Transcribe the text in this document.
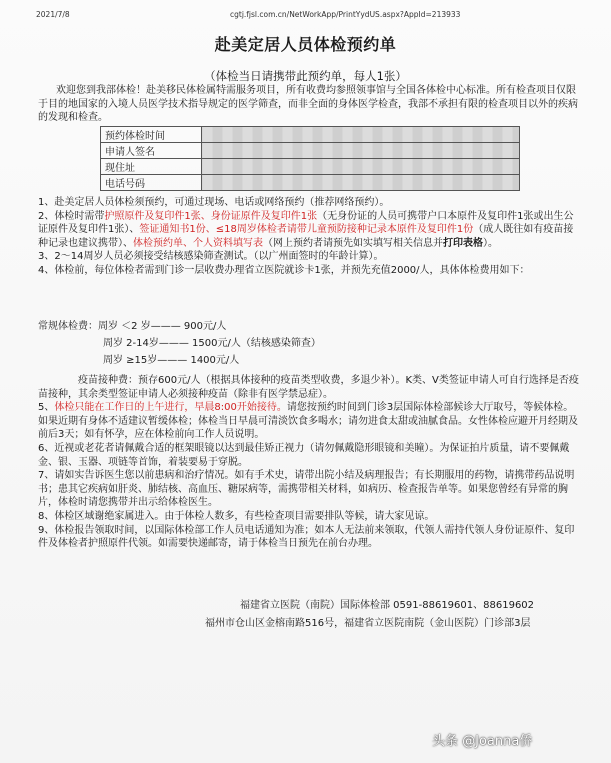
2021/7/8	cgtj.fjsl.com.cn/NetWorkApp/PrintYydUS.aspx?AppId=213933
赴美定居人员体检预约单
（体检当日请携带此预约单，每人1张）
欢迎您到我部体检！赴美移民体检属特需服务项目，所有收费均参照领事馆与全国各体检中心标准。所有检查项目仅限于目的地国家的入境人员医学技术指导规定的医学筛查，而非全面的身体医学检查，我部不承担有限的检查项目以外的疾病的发现和检查。
预约体检时间	
申请人签名	
现住址	
电话号码	

1、赴美定居人员体检须预约，可通过现场、电话或网络预约（推荐网络预约）。

2、体检时需带护照原件及复印件1张、身份证原件及复印件1张（无身份证的人员可携带户口本原件及复印件1张或出生公证原件及复印件1张）、签证通知书1份、≤18周岁体检者请带儿童预防接种记录本原件及复印件1份（成人既往如有疫苗接种记录也建议携带）、体检预约单、个人资料填写表（网上预约者请预先如实填写相关信息并打印表格）。

3、2～14周岁人员必须接受结核感染筛查测试。（以广州面签时的年龄计算）。

4、体检前，每位体检者需到门诊一层收费办理省立医院就诊卡1张，并预先充值2000/人，具体体检费用如下：

常规体检费：周岁 ＜2 岁——— 900元/人
周岁 2-14岁——— 1500元/人（结核感染筛查）
周岁 ≥15岁——— 1400元/人

疫苗接种费：预存600元/人（根据具体接种的疫苗类型收费，多退少补）。K类、V类签证申请人可自行选择是否疫苗接种，其余类型签证申请人必须接种疫苗（除非有医学禁忌症）。

5、体检只能在工作日的上午进行，早晨8:00开始接待。请您按预约时间到门诊3层国际体检部候诊大厅取号，等候体检。如果近期有身体不适建议暂缓体检；体检当日早晨可清淡饮食多喝水；请勿进食太甜或油腻食品。女性体检应避开月经期及前后3天；如有怀孕，应在体检前向工作人员说明。

6、近视或老花者请佩戴合适的框架眼镜以达到最佳矫正视力（请勿佩戴隐形眼镜和美瞳）。为保证拍片质量，请不要佩戴金、银、玉器、项链等首饰，着装要易于穿脱。

7、请如实告诉医生您以前患病和治疗情况。如有手术史，请带出院小结及病理报告；有长期服用的药物，请携带药品说明书；患其它疾病如肝炎、肺结核、高血压、糖尿病等，需携带相关材料，如病历、检查报告单等。如果您曾经有异常的胸片，体检时请您携带并出示给体检医生。

8、体检区域谢绝家属进入。由于体检人数多，有些检查项目需要排队等候，请大家见谅。

9、体检报告领取时间，以国际体检部工作人员电话通知为准；如本人无法前来领取，代领人需持代领人身份证原件、复印件及体检者护照原件代领。如需要快递邮寄，请于体检当日预先在前台办理。

福建省立医院（南院）国际体检部 0591-88619601、88619602
福州市仓山区金榕南路516号，福建省立医院南院（金山医院）门诊部3层
头条 @Joanna侨
